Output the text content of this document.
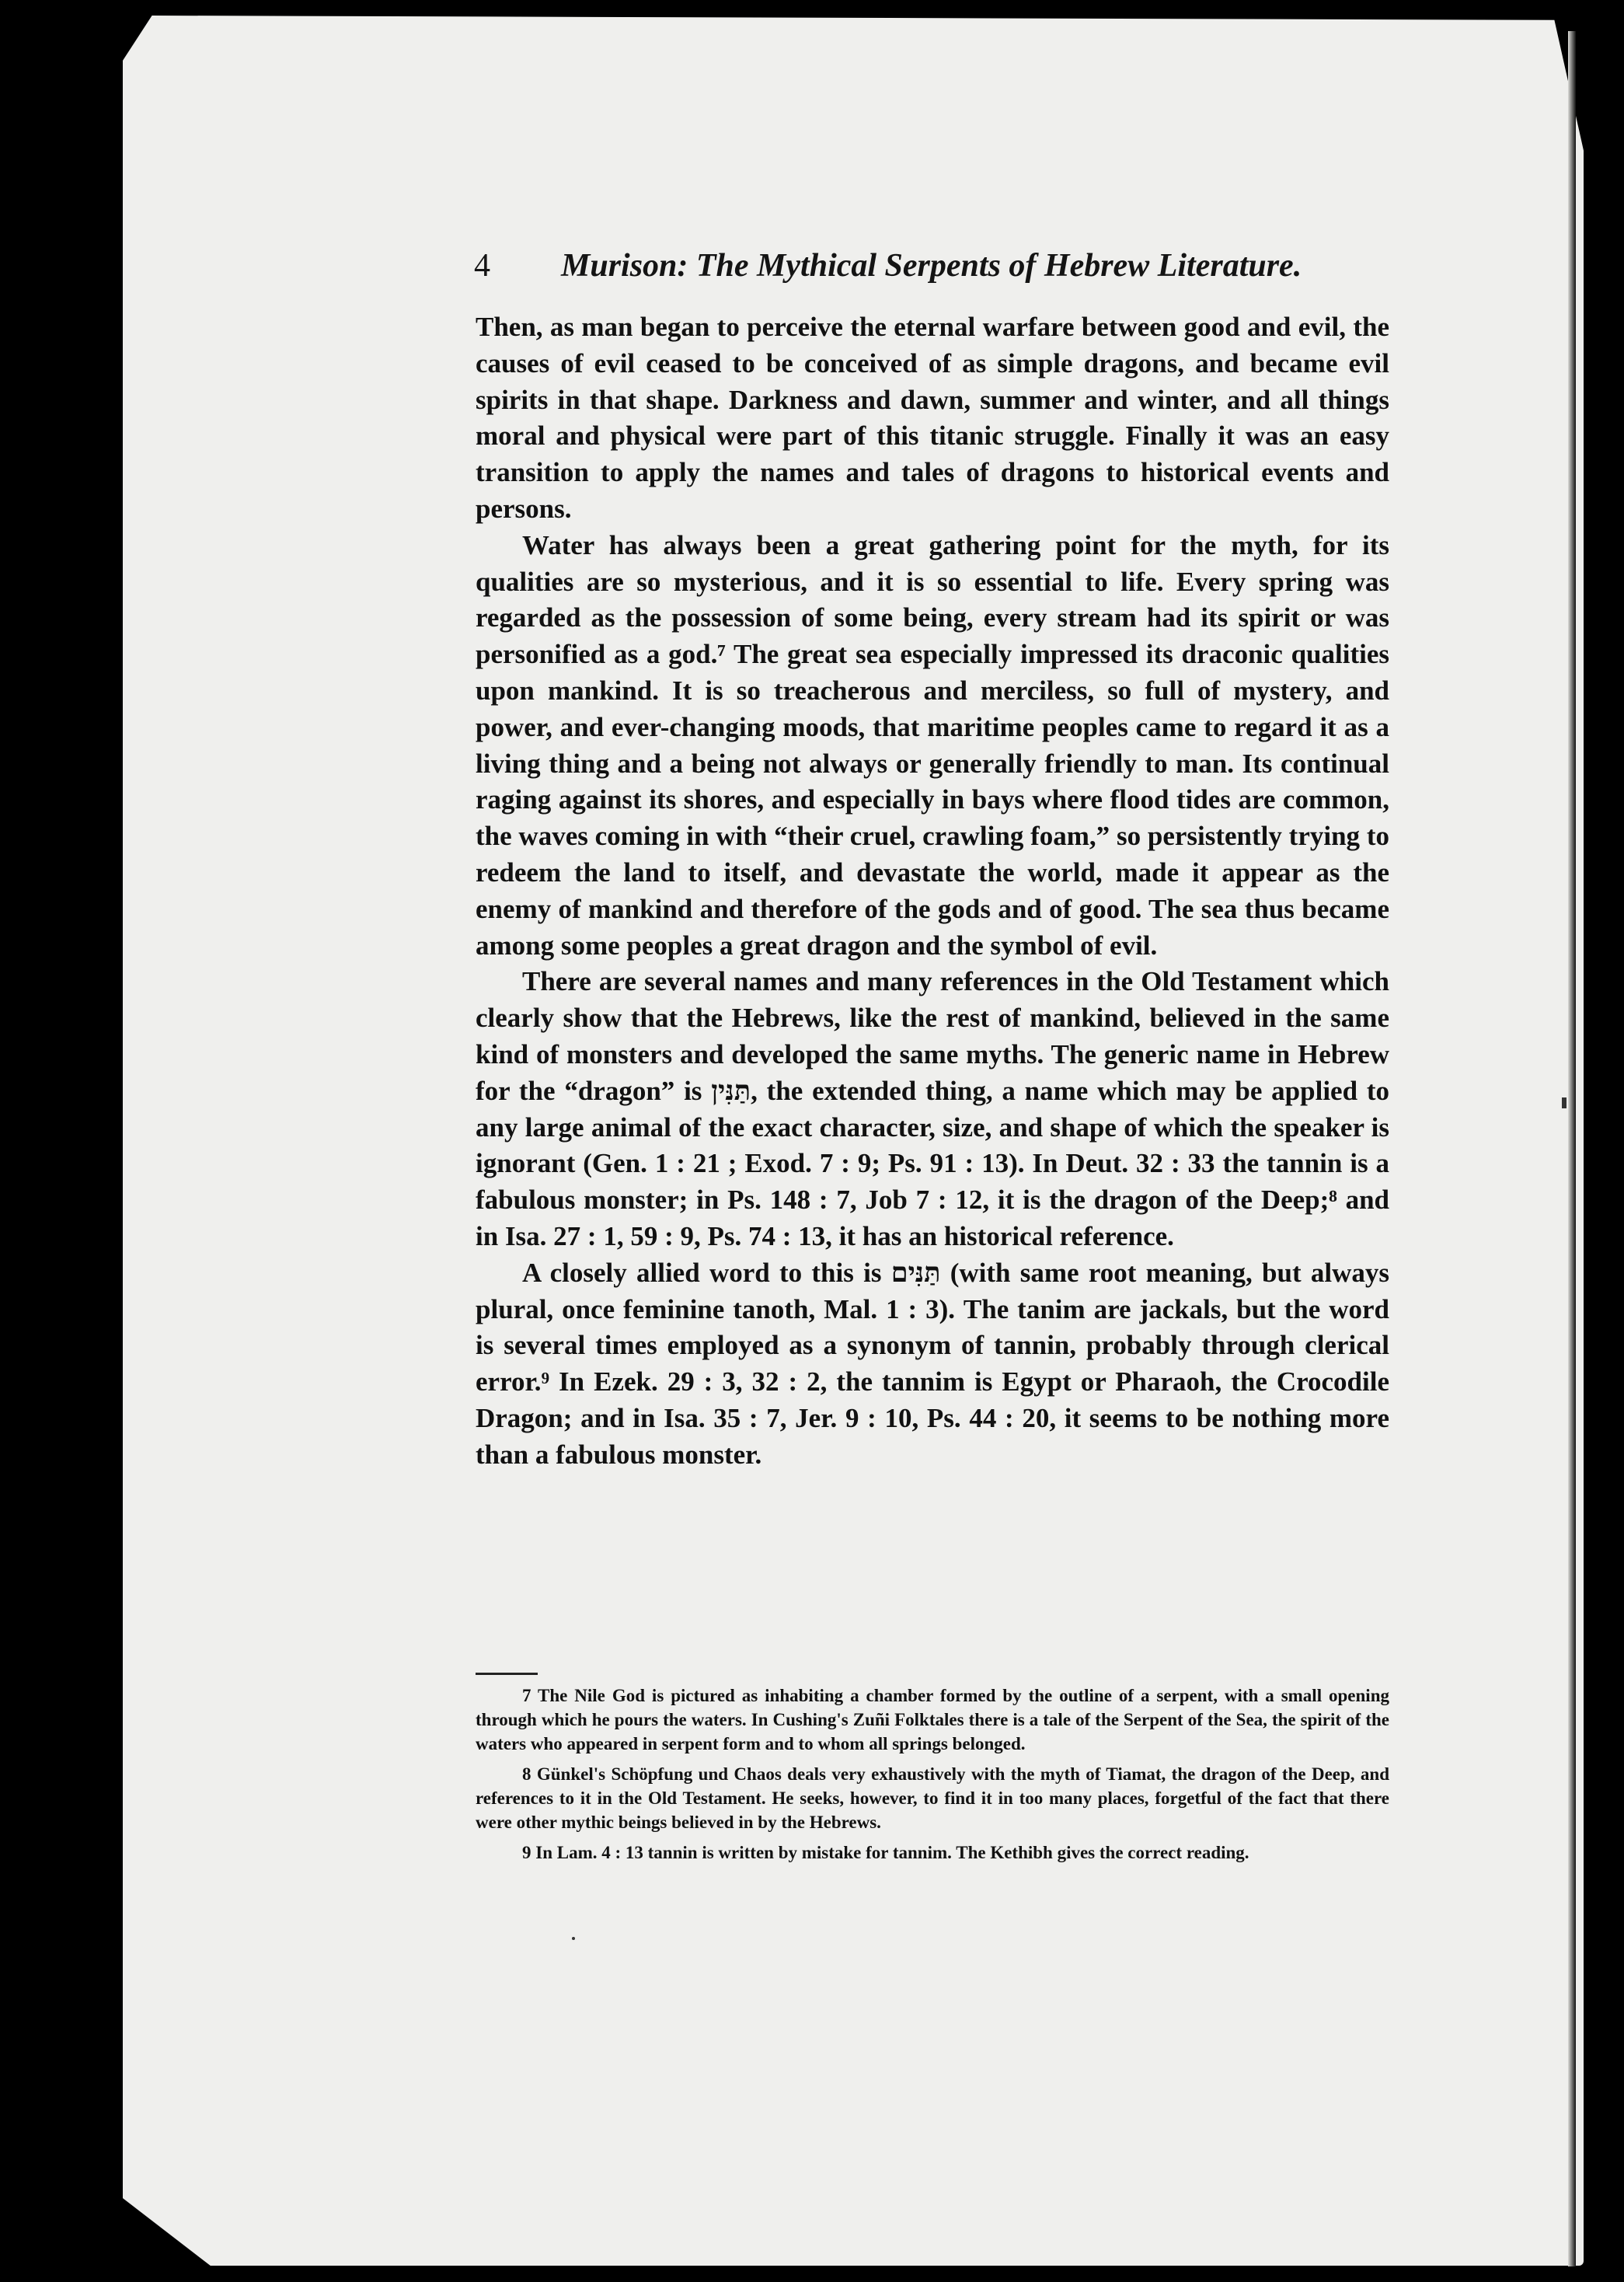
4 Murison: The Mythical Serpents of Hebrew Literature.

Then, as man began to perceive the eternal warfare between good and evil, the causes of evil ceased to be conceived of as simple dragons, and became evil spirits in that shape. Darkness and dawn, summer and winter, and all things moral and physical were part of this titanic struggle. Finally it was an easy transition to apply the names and tales of dragons to historical events and persons.

Water has always been a great gathering point for the myth, for its qualities are so mysterious, and it is so essential to life. Every spring was regarded as the possession of some being, every stream had its spirit or was personified as a god.⁷ The great sea especially impressed its draconic qualities upon mankind. It is so treacherous and merciless, so full of mystery, and power, and ever-changing moods, that maritime peoples came to regard it as a living thing and a being not always or generally friendly to man. Its continual raging against its shores, and especially in bays where flood tides are common, the waves coming in with “their cruel, crawling foam,” so persistently trying to redeem the land to itself, and devastate the world, made it appear as the enemy of mankind and therefore of the gods and of good. The sea thus became among some peoples a great dragon and the symbol of evil.

There are several names and many references in the Old Testament which clearly show that the Hebrews, like the rest of mankind, believed in the same kind of monsters and developed the same myths. The generic name in Hebrew for the “dragon” is תַּנִּין, the extended thing, a name which may be applied to any large animal of the exact character, size, and shape of which the speaker is ignorant (Gen. 1 : 21 ; Exod. 7 : 9; Ps. 91 : 13). In Deut. 32 : 33 the tannin is a fabulous monster; in Ps. 148 : 7, Job 7 : 12, it is the dragon of the Deep;⁸ and in Isa. 27 : 1, 59 : 9, Ps. 74 : 13, it has an historical reference.

A closely allied word to this is תַּנִּים (with same root meaning, but always plural, once feminine tanoth, Mal. 1 : 3). The tanim are jackals, but the word is several times employed as a synonym of tannin, probably through clerical error.⁹ In Ezek. 29 : 3, 32 : 2, the tannim is Egypt or Pharaoh, the Crocodile Dragon; and in Isa. 35 : 7, Jer. 9 : 10, Ps. 44 : 20, it seems to be nothing more than a fabulous monster.

7 The Nile God is pictured as inhabiting a chamber formed by the outline of a serpent, with a small opening through which he pours the waters. In Cushing's Zuñi Folktales there is a tale of the Serpent of the Sea, the spirit of the waters who appeared in serpent form and to whom all springs belonged.

8 Günkel's Schöpfung und Chaos deals very exhaustively with the myth of Tiamat, the dragon of the Deep, and references to it in the Old Testament. He seeks, however, to find it in too many places, forgetful of the fact that there were other mythic beings believed in by the Hebrews.

9 In Lam. 4 : 13 tannin is written by mistake for tannim. The Kethibh gives the correct reading.
